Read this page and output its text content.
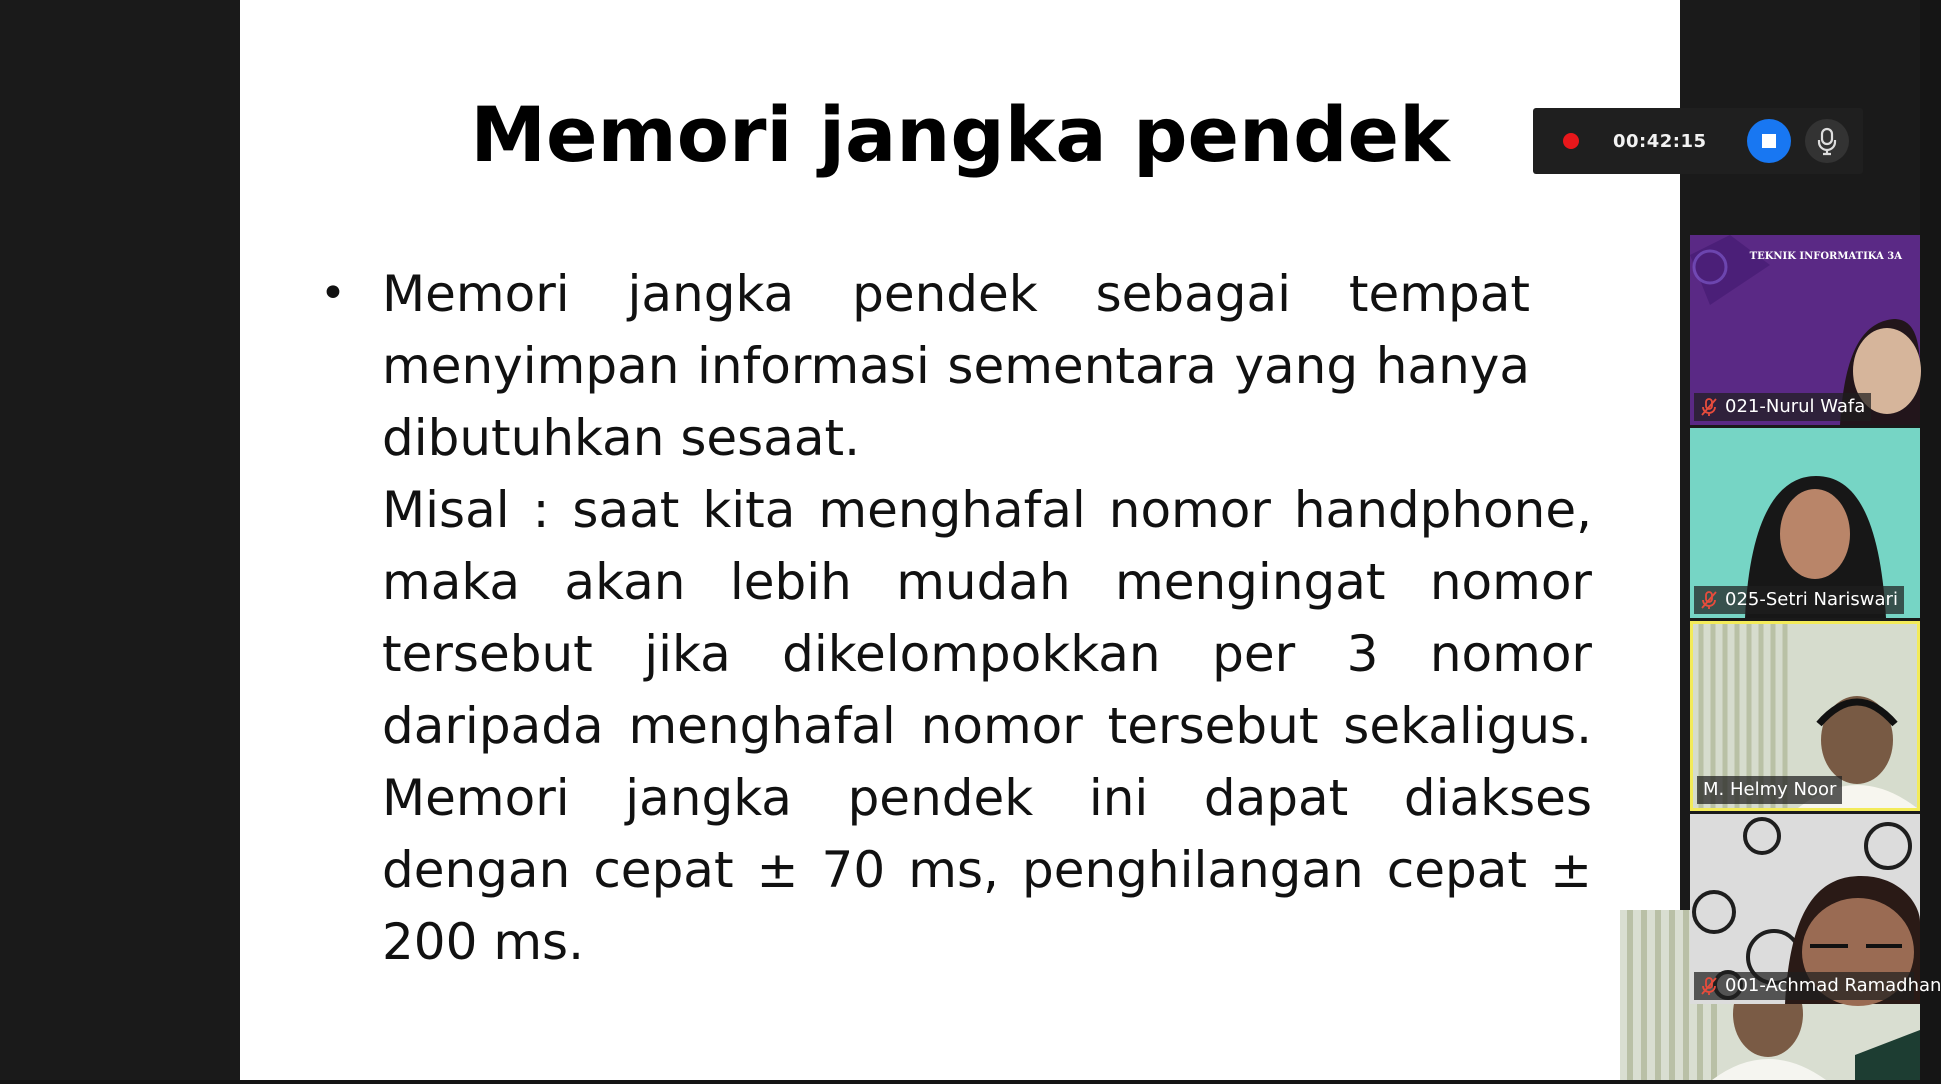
Memori jangka pendek
• Memori jangka pendek sebagai tempat menyimpan informasi sementara yang hanya dibutuhkan sesaat.
Misal : saat kita menghafal nomor handphone, maka akan lebih mudah mengingat nomor tersebut jika dikelompokkan per 3 nomor daripada menghafal nomor tersebut sekaligus. Memori jangka pendek ini dapat diakses dengan cepat ± 70 ms, penghilangan cepat ± 200 ms.
00:42:15
TEKNIK INFORMATIKA 3A
021-Nurul Wafa
025-Setri Nariswari
M. Helmy Noor
001-Achmad Ramadhan
